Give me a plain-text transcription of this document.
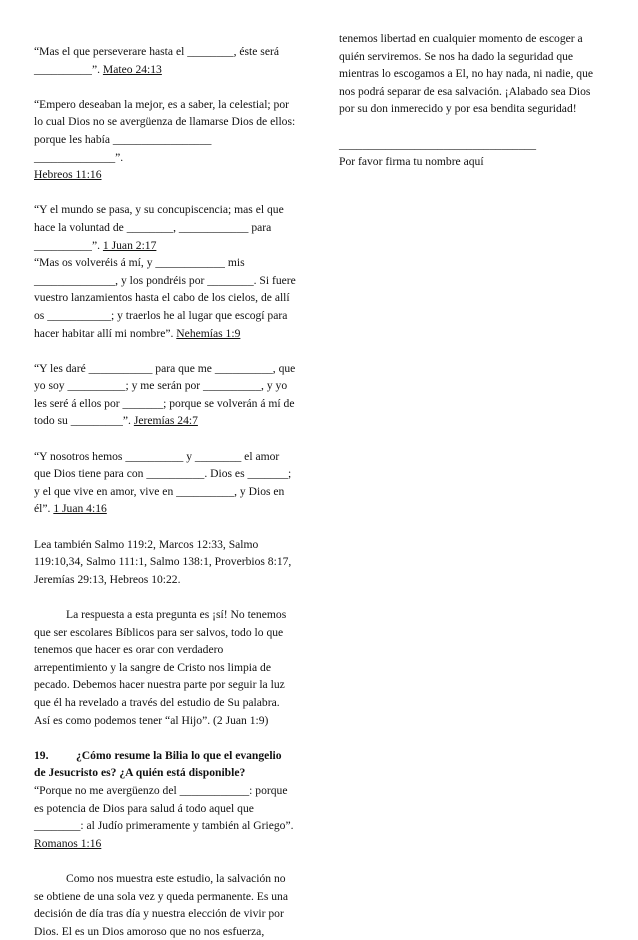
“Mas el que perseverare hasta el ________, éste será __________”. Mateo 24:13

“Empero deseaban la mejor, es a saber, la celestial; por lo cual Dios no se avergüenza de llamarse Dios de ellos: porque les había _________________ ______________”.
Hebreos 11:16

“Y el mundo se pasa, y su concupiscencia; mas el que hace la voluntad de ________, ____________ para __________”. 1 Juan 2:17

“Mas os volveréis á mí, y ____________ mis ______________, y los pondréis por ________. Si fuere vuestro lanzamientos hasta el cabo de los cielos, de allí os ___________; y traerlos he al lugar que escogí para hacer habitar allí mi nombre”. Nehemías 1:9

“Y les daré ___________ para que me __________, que yo soy __________; y me serán por __________, y yo les seré á ellos por _______; porque se volverán á mí de todo su _________”. Jeremías 24:7

“Y nosotros hemos __________ y ________ el amor que Dios tiene para con __________. Dios es _______; y el que vive en amor, vive en __________, y Dios en él”. 1 Juan 4:16

Lea también Salmo 119:2, Marcos 12:33, Salmo 119:10,34, Salmo 111:1, Salmo 138:1, Proverbios 8:17, Jeremías 29:13, Hebreos 10:22.

La respuesta a esta pregunta es ¡sí! No tenemos que ser escolares Bíblicos para ser salvos, todo lo que tenemos que hacer es orar con verdadero arrepentimiento y la sangre de Cristo nos limpia de pecado. Debemos hacer nuestra parte por seguir la luz que él ha revelado a través del estudio de Su palabra. Así es como podemos tener “al Hijo”. (2 Juan 1:9)

19. ¿Cómo resume la Bilia lo que el evangelio de Jesucristo es? ¿A quién está disponible?

“Porque no me avergüenzo del ____________: porque es potencia de Dios para salud á todo aquel que ________: al Judío primeramente y también al Griego”.
Romanos 1:16

Como nos muestra este estudio, la salvación no se obtiene de una sola vez y queda permanente. Es una decisión de día tras día y nuestra elección de vivir por Dios. El es un Dios amoroso que no nos esfuerza,

tenemos libertad en cualquier momento de escoger a quién serviremos. Se nos ha dado la seguridad que mientras lo escogamos a El, no hay nada, ni nadie, que nos podrá separar de esa salvación. ¡Alabado sea Dios por su don inmerecido y por esa bendita seguridad!

__________________________________

Por favor firma tu nombre aquí
